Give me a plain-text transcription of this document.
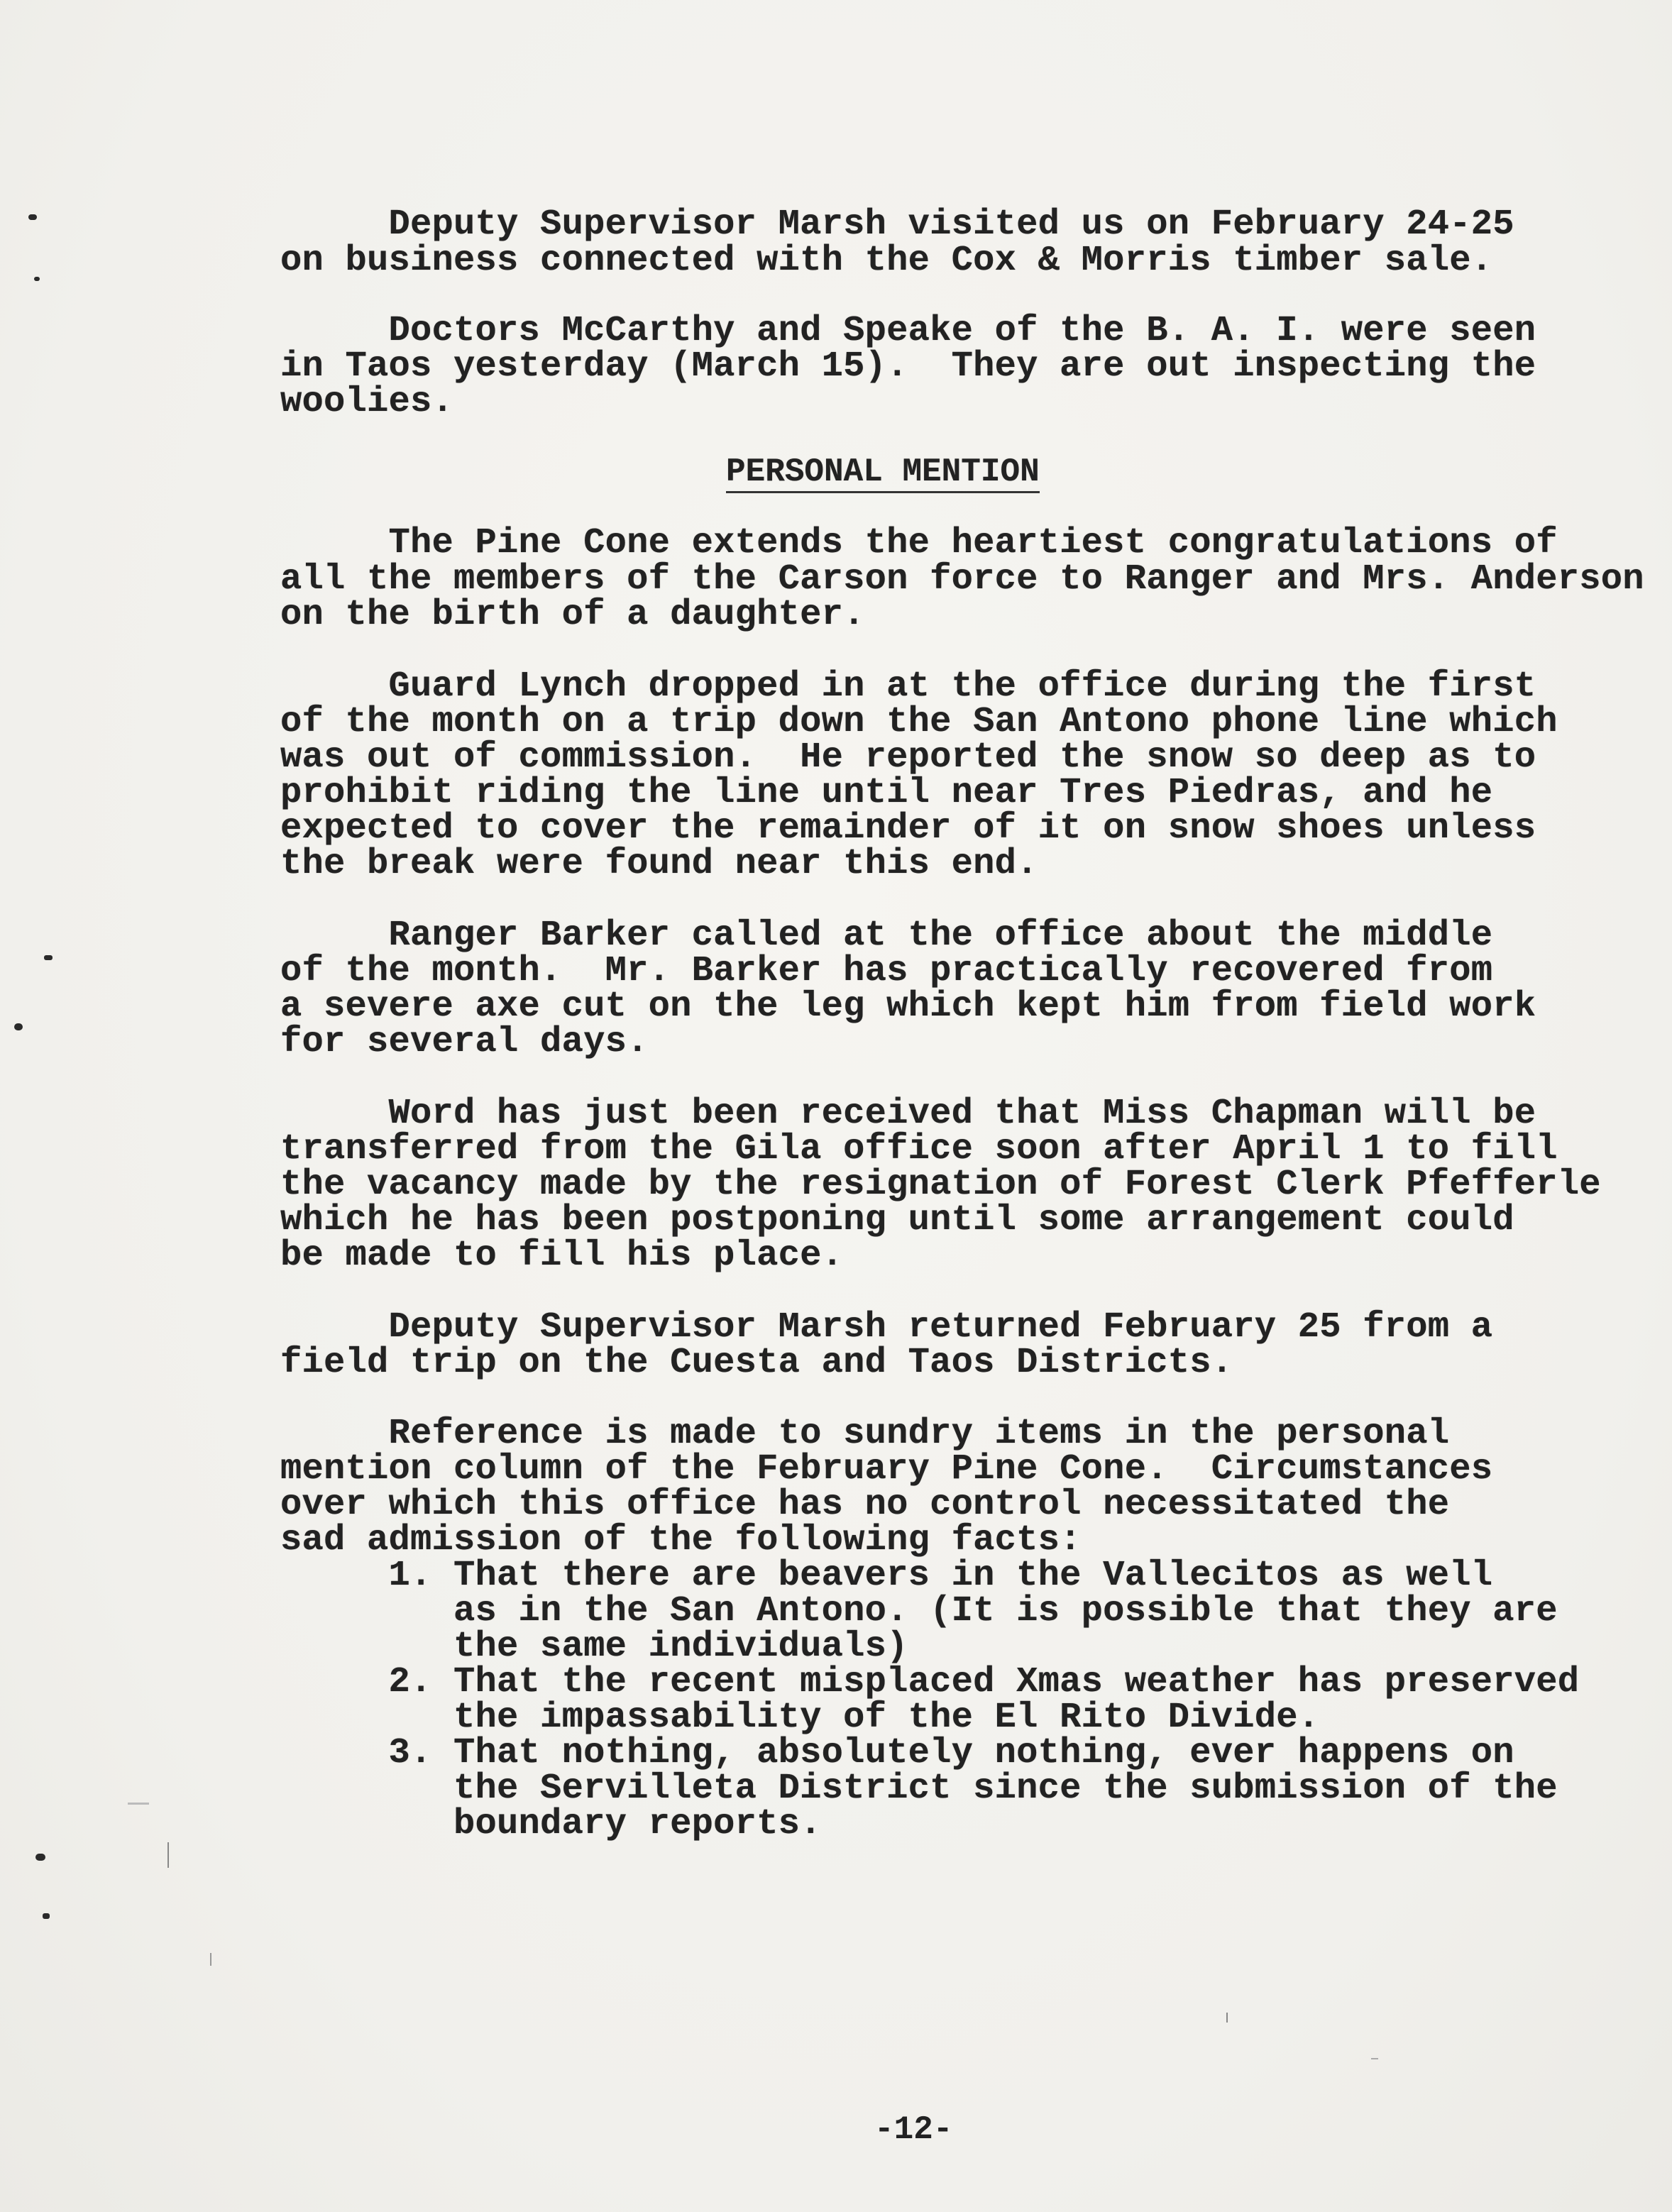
Deputy Supervisor Marsh visited us on February 24-25
on business connected with the Cox & Morris timber sale.
Doctors McCarthy and Speake of the B. A. I. were seen
in Taos yesterday (March 15).  They are out inspecting the
woolies.
PERSONAL MENTION
The Pine Cone extends the heartiest congratulations of
all the members of the Carson force to Ranger and Mrs. Anderson
on the birth of a daughter.
Guard Lynch dropped in at the office during the first
of the month on a trip down the San Antono phone line which
was out of commission.  He reported the snow so deep as to
prohibit riding the line until near Tres Piedras, and he
expected to cover the remainder of it on snow shoes unless
the break were found near this end.
Ranger Barker called at the office about the middle
of the month.  Mr. Barker has practically recovered from
a severe axe cut on the leg which kept him from field work
for several days.
Word has just been received that Miss Chapman will be
transferred from the Gila office soon after April 1 to fill
the vacancy made by the resignation of Forest Clerk Pfefferle
which he has been postponing until some arrangement could
be made to fill his place.
Deputy Supervisor Marsh returned February 25 from a
field trip on the Cuesta and Taos Districts.
Reference is made to sundry items in the personal
mention column of the February Pine Cone.  Circumstances
over which this office has no control necessitated the
sad admission of the following facts:
1. That there are beavers in the Vallecitos as well
as in the San Antono. (It is possible that they are
the same individuals)
2. That the recent misplaced Xmas weather has preserved
the impassability of the El Rito Divide.
3. That nothing, absolutely nothing, ever happens on
the Servilleta District since the submission of the
boundary reports.
-12-
